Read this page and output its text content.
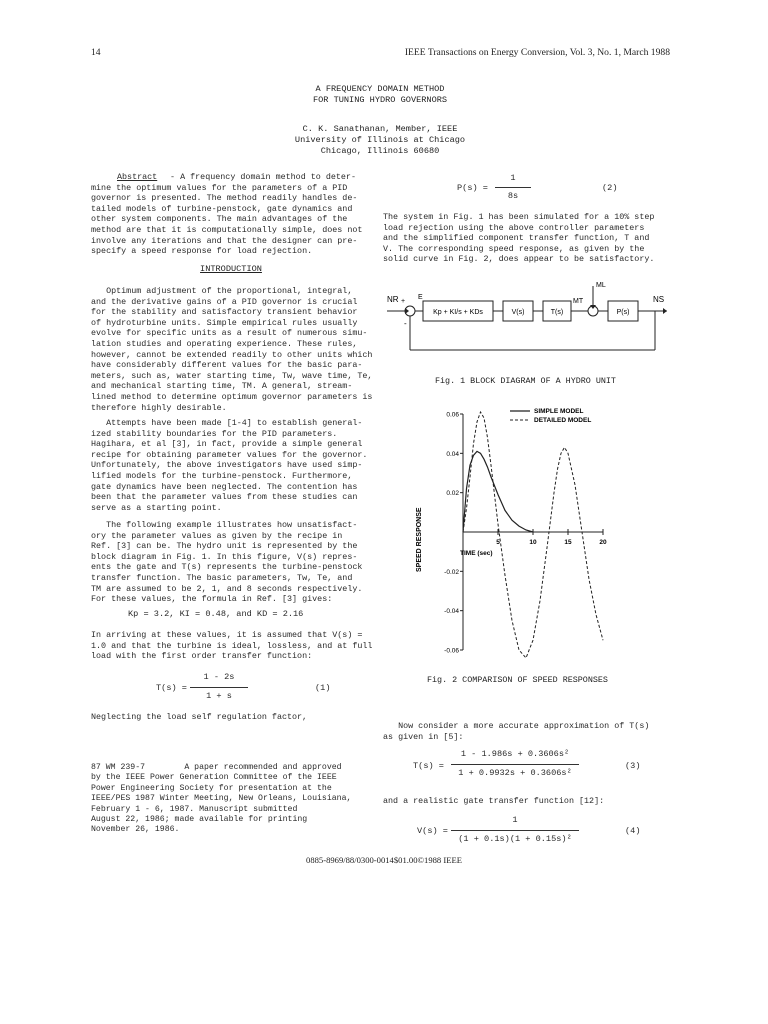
14	IEEE Transactions on Energy Conversion, Vol. 3, No. 1, March 1988
A FREQUENCY DOMAIN METHOD
FOR TUNING HYDRO GOVERNORS
C. K. Sanathanan, Member, IEEE
University of Illinois at Chicago
Chicago, Illinois 60680
Abstract - A frequency domain method to deter-
mine the optimum values for the parameters of a PID
governor is presented. The method readily handles de-
tailed models of turbine-penstock, gate dynamics and
other system components. The main advantages of the
method are that it is computationally simple, does not
involve any iterations and that the designer can pre-
specify a speed response for load rejection.
INTRODUCTION
Optimum adjustment of the proportional, integral,
and the derivative gains of a PID governor is crucial
for the stability and satisfactory transient behavior
of hydroturbine units. Simple empirical rules usually
evolve for specific units as a result of numerous simu-
lation studies and operating experience. These rules,
however, cannot be extended readily to other units which
have considerably different values for the basic para-
meters, such as, water starting time, Tw, wave time, Te,
and mechanical starting time, TM. A general, stream-
lined method to determine optimum governor parameters is
therefore highly desirable.
Attempts have been made [1-4] to establish general-
ized stability boundaries for the PID parameters.
Hagihara, et al [3], in fact, provide a simple general
recipe for obtaining parameter values for the governor.
Unfortunately, the above investigators have used simp-
lified models for the turbine-penstock. Furthermore,
gate dynamics have been neglected. The contention has
been that the parameter values from these studies can
serve as a starting point.
The following example illustrates how unsatisfact-
ory the parameter values as given by the recipe in
Ref. [3] can be. The hydro unit is represented by the
block diagram in Fig. 1. In this figure, V(s) repres-
ents the gate and T(s) represents the turbine-penstock
transfer function. The basic parameters, Tw, Te, and
TM are assumed to be 2, 1, and 8 seconds respectively.
For these values, the formula in Ref. [3] gives:
Kp = 3.2, KI = 0.48, and KD = 2.16
In arriving at these values, it is assumed that V(s) =
1.0 and that the turbine is ideal, lossless, and at full
load with the first order transfer function:
T(s) =
1 - 2s
1 + s
(1)
Neglecting the load self regulation factor,
87 WM 239-7        A paper recommended and approved
by the IEEE Power Generation Committee of the IEEE
Power Engineering Society for presentation at the
IEEE/PES 1987 Winter Meeting, New Orleans, Louisiana,
February 1 - 6, 1987. Manuscript submitted
August 22, 1986; made available for printing
November 26, 1986.
P(s) =
1
8s
(2)
The system in Fig. 1 has been simulated for a 10% step
load rejection using the above controller parameters
and the simplified component transfer function, T and
V. The corresponding speed response, as given by the
solid curve in Fig. 2, does appear to be satisfactory.
NR +
-
E
Kp + KI/s + KDs	V(s)	T(s)
MT
ML
P(s)
NS
Fig. 1 BLOCK DIAGRAM OF A HYDRO UNIT
0.06
0.04
0.02
-0.02
-0.04
-0.06
5	10	15	20
SIMPLE MODEL
DETAILED MODEL
SPEED RESPONSE	TIME (sec)
Fig. 2 COMPARISON OF SPEED RESPONSES
Now consider a more accurate approximation of T(s)
as given in [5]:
T(s) =
1 - 1.986s + 0.3606s²
1 + 0.9932s + 0.3606s²
(3)
and a realistic gate transfer function [12]:
V(s) =
1
(1 + 0.1s)(1 + 0.15s)²
(4)
0885-8969/88/0300-0014$01.00©1988 IEEE
